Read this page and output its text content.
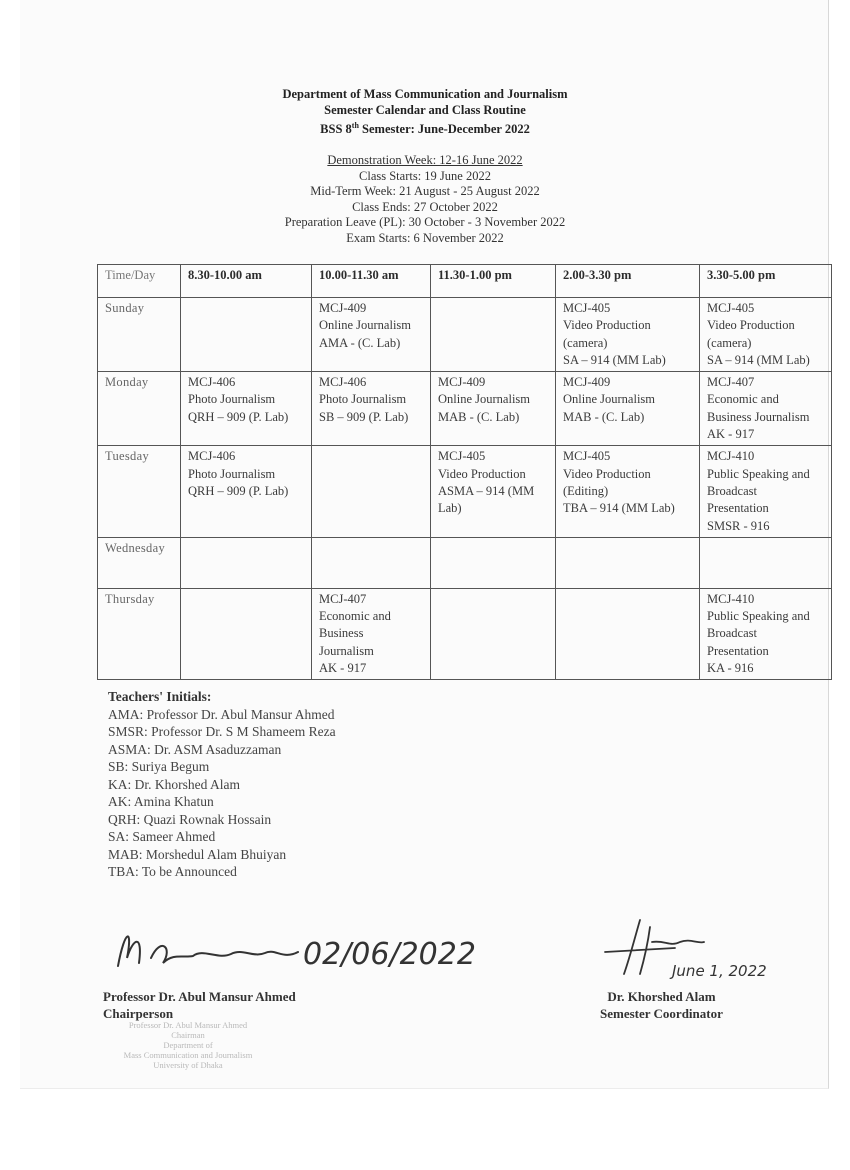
Department of Mass Communication and Journalism
Semester Calendar and Class Routine
BSS 8th Semester: June-December 2022
Demonstration Week: 12-16 June 2022
Class Starts: 19 June 2022
Mid-Term Week: 21 August - 25 August 2022
Class Ends: 27 October 2022
Preparation Leave (PL): 30 October - 3 November 2022
Exam Starts: 6 November 2022
Time/Day	8.30-10.00 am	10.00-11.30 am	11.30-1.00 pm	2.00-3.30 pm	3.30-5.00 pm
Sunday		MCJ-409
Online Journalism
AMA - (C. Lab)		MCJ-405
Video Production
(camera)
SA – 914 (MM Lab)	MCJ-405
Video Production
(camera)
SA – 914 (MM Lab)
Monday	MCJ-406
Photo Journalism
QRH – 909 (P. Lab)	MCJ-406
Photo Journalism
SB – 909 (P. Lab)	MCJ-409
Online Journalism
MAB - (C. Lab)	MCJ-409
Online Journalism
MAB - (C. Lab)	MCJ-407
Economic and
Business Journalism
AK - 917
Tuesday	MCJ-406
Photo Journalism
QRH – 909 (P. Lab)		MCJ-405
Video Production
ASMA – 914 (MM
Lab)	MCJ-405
Video Production
(Editing)
TBA – 914 (MM Lab)	MCJ-410
Public Speaking and
Broadcast
Presentation
SMSR - 916
Wednesday					
Thursday		MCJ-407
Economic and
Business
Journalism
AK - 917			MCJ-410
Public Speaking and
Broadcast
Presentation
KA - 916
Teachers' Initials:
AMA: Professor Dr. Abul Mansur Ahmed
SMSR: Professor Dr. S M Shameem Reza
ASMA: Dr. ASM Asaduzzaman
SB: Suriya Begum
KA: Dr. Khorshed Alam
AK: Amina Khatun
QRH: Quazi Rownak Hossain
SA: Sameer Ahmed
MAB: Morshedul Alam Bhuiyan
TBA: To be Announced
02/06/2022
Professor Dr. Abul Mansur Ahmed
Chairperson
Professor Dr. Abul Mansur Ahmed
Chairman
Department of
Mass Communication and Journalism
University of Dhaka
June 1, 2022
Dr. Khorshed Alam
Semester Coordinator
